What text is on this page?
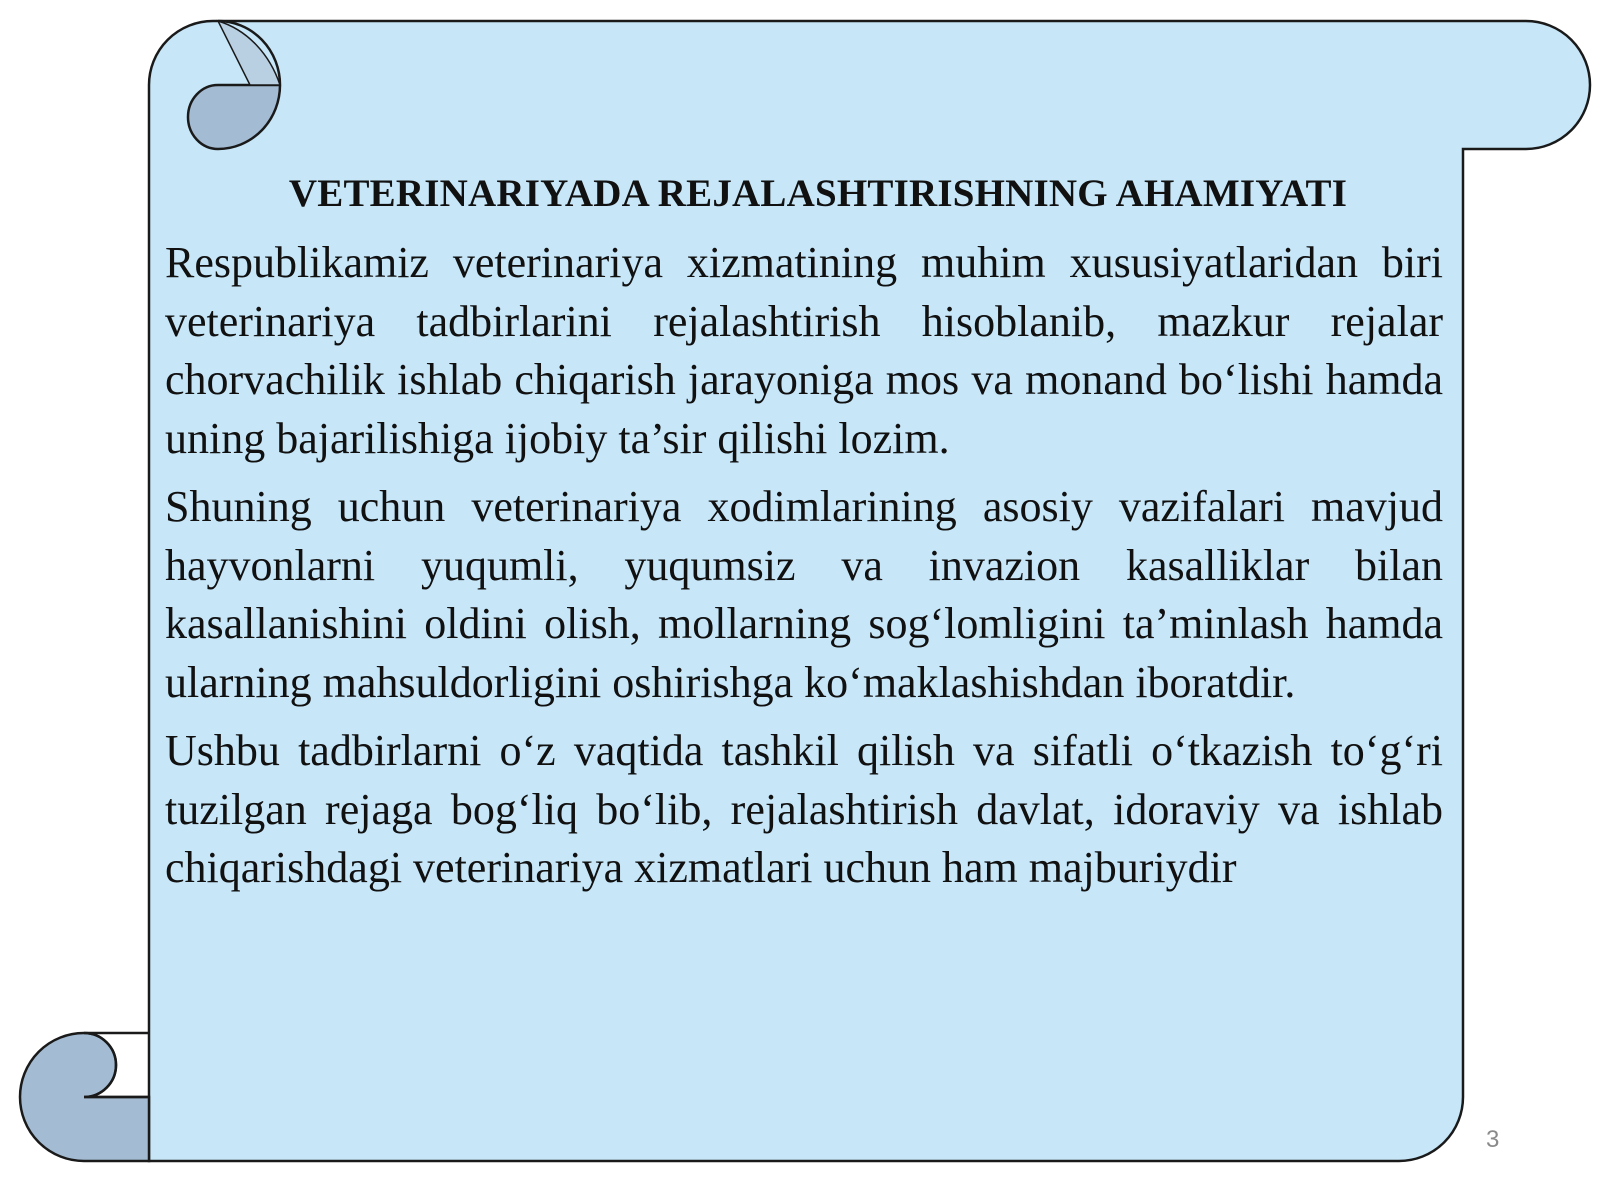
VETERINARIYADA REJALASHTIRISHNING AHAMIYATI

Respublikamiz veterinariya xizmatining muhim xususiyatlaridan biri veterinariya tadbirlarini rejalashtirish hisoblanib, mazkur rejalar chorvachilik ishlab chiqarish jarayoniga mos va monand bo‘lishi hamda uning bajarilishiga ijobiy ta’sir qilishi lozim.

Shuning uchun veterinariya xodimlarining asosiy vazifalari mavjud hayvonlarni yuqumli, yuqumsiz va invazion kasalliklar bilan kasallanishini oldini olish, mollarning sog‘lomligini ta’minlash hamda ularning mahsuldorligini oshirishga ko‘maklashishdan iboratdir.

Ushbu tadbirlarni o‘z vaqtida tashkil qilish va sifatli o‘tkazish to‘g‘ri tuzilgan rejaga bog‘liq bo‘lib, rejalashtirish davlat, idoraviy va ishlab chiqarishdagi veterinariya xizmatlari uchun ham majburiydir

3
